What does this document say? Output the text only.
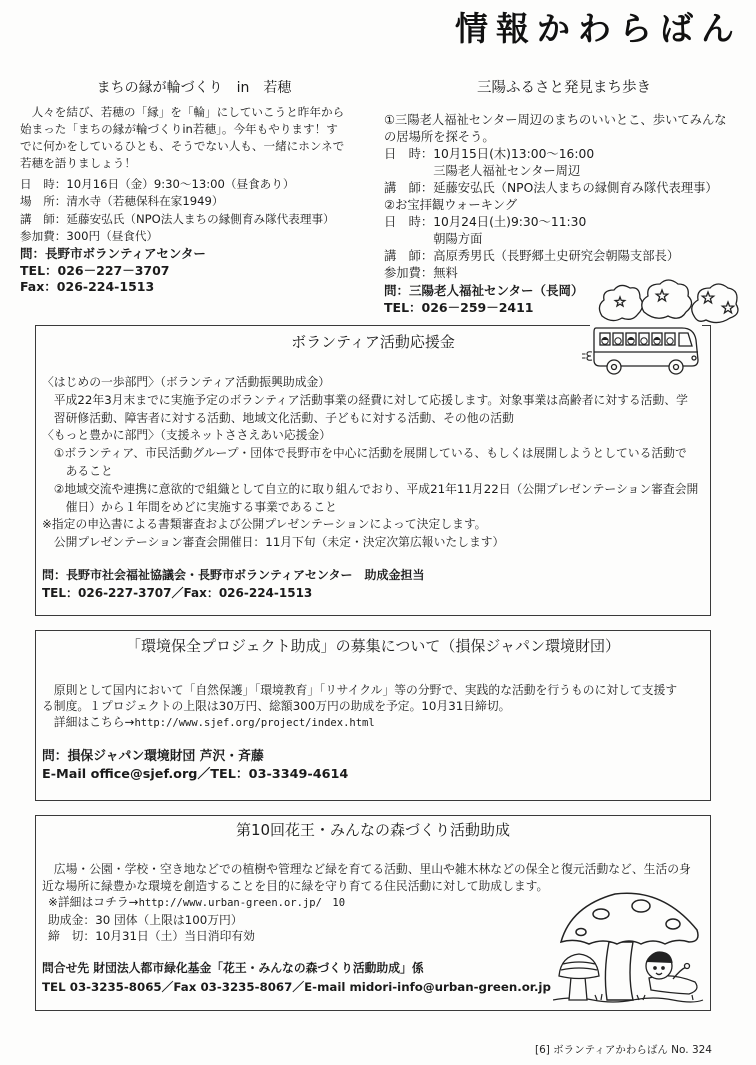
情報かわらばん
まちの縁が輪づくり　in　若穂
　人々を結び、若穂の「縁」を「輪」にしていこうと昨年から
始まった「まちの縁が輪づくりin若穂」。今年もやります！す
でに何かをしているひとも、そうでない人も、一緒にホンネで
若穂を語りましょう！
日　時：10月16日（金）9:30～13:00（昼食あり）
場　所：清水寺（若穂保科在家1949）
講　師：延藤安弘氏（NPO法人まちの縁側育み隊代表理事）
参加費：300円（昼食代）
問：長野市ボランティアセンター
TEL：026－227－3707
Fax：026-224-1513
三陽ふるさと発見まち歩き
①三陽老人福祉センター周辺のまちのいいとこ、歩いてみんな
の居場所を探そう。
日　時：10月15日(木)13:00～16:00
　　　　三陽老人福祉センター周辺
講　師：延藤安弘氏（NPO法人まちの縁側育み隊代表理事）
②お宝拝観ウォーキング
日　時：10月24日(土)9:30～11:30
　　　　朝陽方面
講　師：高原秀男氏（長野郷土史研究会朝陽支部長）
参加費：無料
問：三陽老人福祉センター（長岡）
TEL：026－259－2411
ボランティア活動応援金
〈はじめの一歩部門〉（ボランティア活動振興助成金）
　平成22年3月末までに実施予定のボランティア活動事業の経費に対して応援します。対象事業は高齢者に対する活動、学
　習研修活動、障害者に対する活動、地域文化活動、子どもに対する活動、その他の活動
〈もっと豊かに部門〉（支援ネットささえあい応援金）
　①ボランティア、市民活動グループ・団体で長野市を中心に活動を展開している、もしくは展開しようとしている活動で
　　あること
　②地域交流や連携に意欲的で組織として自立的に取り組んでおり、平成21年11月22日（公開プレゼンテーション審査会開
　　催日）から１年間をめどに実施する事業であること
※指定の申込書による書類審査および公開プレゼンテーションによって決定します。
　公開プレゼンテーション審査会開催日：11月下旬（未定・決定次第広報いたします）
問：長野市社会福祉協議会・長野市ボランティアセンター　助成金担当
TEL：026-227-3707／Fax：026-224-1513
「環境保全プロジェクト助成」の募集について（損保ジャパン環境財団）
　原則として国内において「自然保護」「環境教育」「リサイクル」等の分野で、実践的な活動を行うものに対して支援す
る制度。１プロジェクトの上限は30万円、総額300万円の助成を予定。10月31日締切。
　詳細はこちら→http://www.sjef.org/project/index.html
問：損保ジャパン環境財団 芦沢・斉藤
E-Mail office@sjef.org／TEL：03-3349-4614
第10回花王・みんなの森づくり活動助成
　広場・公園・学校・空き地などでの植樹や管理など緑を育てる活動、里山や雑木林などの保全と復元活動など、生活の身
近な場所に緑豊かな環境を創造することを目的に緑を守り育てる住民活動に対して助成します。
※詳細はコチラ→http://www.urban-green.or.jp/　10
助成金：30 団体（上限は100万円）
締　切：10月31日（土）当日消印有効
問合せ先 財団法人都市緑化基金「花王・みんなの森づくり活動助成」係
TEL 03-3235-8065／Fax 03-3235-8067／E-mail midori-info@urban-green.or.jp
[6] ボランティアかわらばん No. 324
